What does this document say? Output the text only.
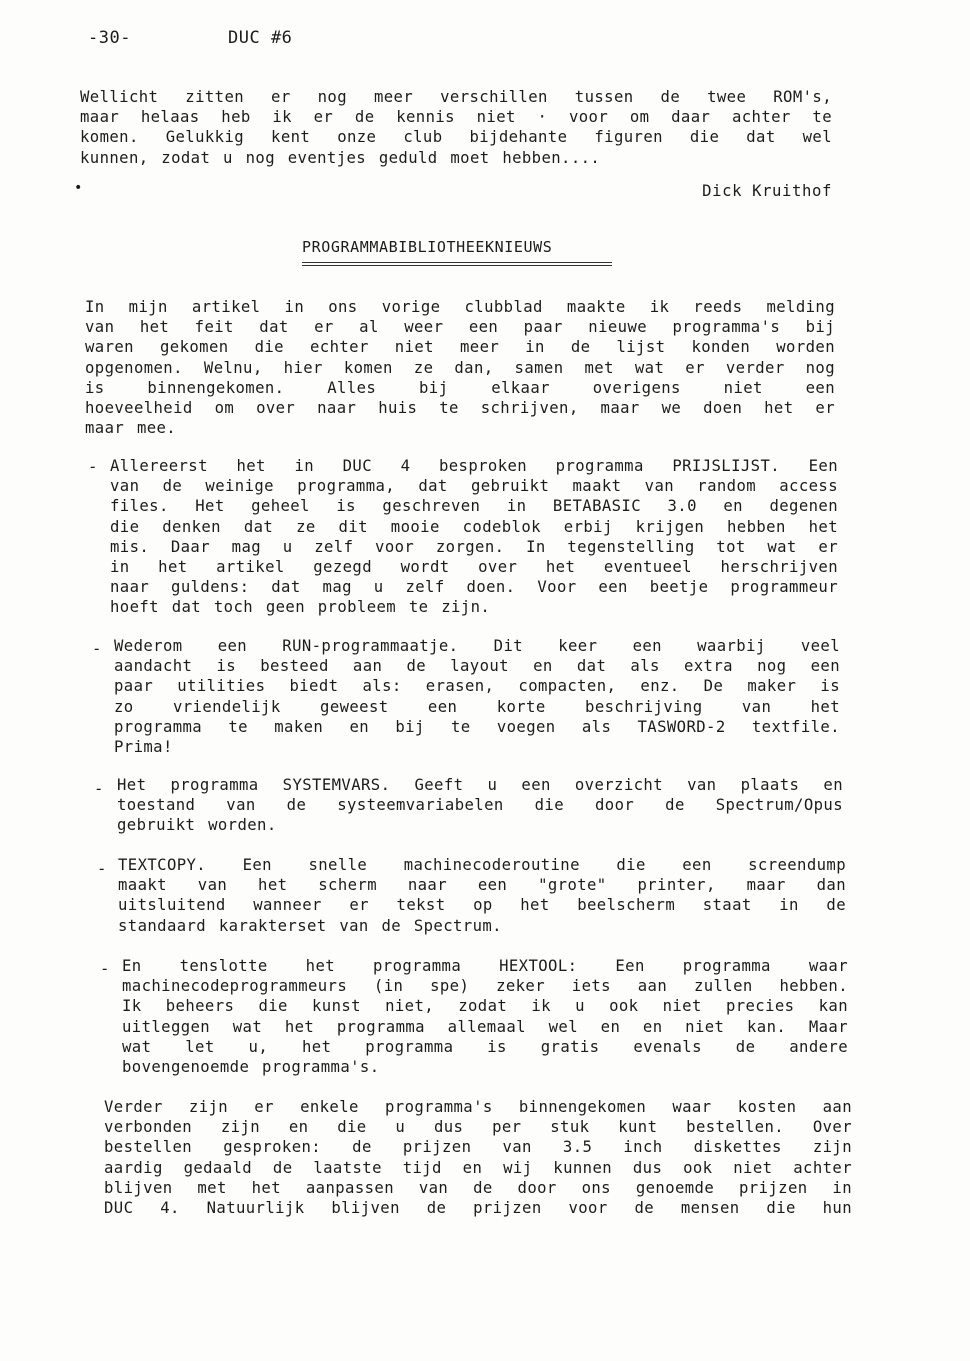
-30-	DUC #6
Wellicht zitten er nog meer verschillen tussen de twee ROM's,
maar helaas heb ik er de kennis niet · voor om daar achter te
komen. Gelukkig kent onze club bijdehante figuren die dat wel
kunnen, zodat u nog eventjes geduld moet hebben....
•	Dick Kruithof
PROGRAMMABIBLIOTHEEKNIEUWS
In mijn artikel in ons vorige clubblad maakte ik reeds melding
van het feit dat er al weer een paar nieuwe programma's bij
waren gekomen die echter niet meer in de lijst konden worden
opgenomen. Welnu, hier komen ze dan, samen met wat er verder nog
is binnengekomen. Alles bij elkaar overigens niet een
hoeveelheid om over naar huis te schrijven, maar we doen het er
maar mee.
- Allereerst het in DUC 4 besproken programma PRIJSLIJST. Een
van de weinige programma, dat gebruikt maakt van random access
files. Het geheel is geschreven in BETABASIC 3.0 en degenen
die denken dat ze dit mooie codeblok erbij krijgen hebben het
mis. Daar mag u zelf voor zorgen. In tegenstelling tot wat er
in het artikel gezegd wordt over het eventueel herschrijven
naar guldens: dat mag u zelf doen. Voor een beetje programmeur
hoeft dat toch geen probleem te zijn.
- Wederom een RUN-programmaatje. Dit keer een waarbij veel
aandacht is besteed aan de layout en dat als extra nog een
paar utilities biedt als: erasen, compacten, enz. De maker is
zo vriendelijk geweest een korte beschrijving van het
programma te maken en bij te voegen als TASWORD-2 textfile.
Prima!
- Het programma SYSTEMVARS. Geeft u een overzicht van plaats en
toestand van de systeemvariabelen die door de Spectrum/Opus
gebruikt worden.
- TEXTCOPY. Een snelle machinecoderoutine die een screendump
maakt van het scherm naar een "grote" printer, maar dan
uitsluitend wanneer er tekst op het beelscherm staat in de
standaard karakterset van de Spectrum.
- En tenslotte het programma HEXTOOL: Een programma waar
machinecodeprogrammeurs (in spe) zeker iets aan zullen hebben.
Ik beheers die kunst niet, zodat ik u ook niet precies kan
uitleggen wat het programma allemaal wel en en niet kan. Maar
wat let u, het programma is gratis evenals de andere
bovengenoemde programma's.
Verder zijn er enkele programma's binnengekomen waar kosten aan
verbonden zijn en die u dus per stuk kunt bestellen. Over
bestellen gesproken: de prijzen van 3.5 inch diskettes zijn
aardig gedaald de laatste tijd en wij kunnen dus ook niet achter
blijven met het aanpassen van de door ons genoemde prijzen in
DUC 4. Natuurlijk blijven de prijzen voor de mensen die hun
